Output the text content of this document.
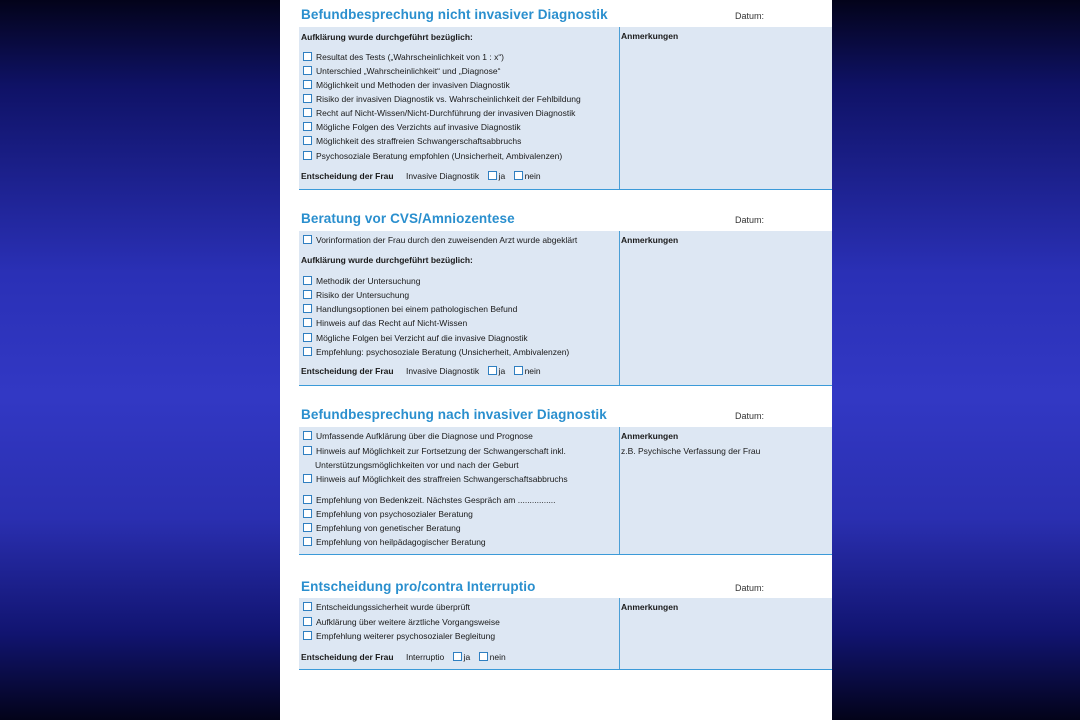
Befundbesprechung nicht invasiver Diagnostik	Datum:
Anmerkungen
Aufklärung wurde durchgeführt bezüglich:
Resultat des Tests („Wahrscheinlichkeit von 1 : x“)
Unterschied „Wahrscheinlichkeit“ und „Diagnose“
Möglichkeit und Methoden der invasiven Diagnostik
Risiko der invasiven Diagnostik vs. Wahrscheinlichkeit der Fehlbildung
Recht auf Nicht-Wissen/Nicht-Durchführung der invasiven Diagnostik
Mögliche Folgen des Verzichts auf invasive Diagnostik
Möglichkeit des straffreien Schwangerschaftsabbruchs
Psychosoziale Beratung empfohlen (Unsicherheit, Ambivalenzen)
Entscheidung der Frau Invasive Diagnostik ja nein
Beratung vor CVS/Amniozentese	Datum:
Anmerkungen
Vorinformation der Frau durch den zuweisenden Arzt wurde abgeklärt
Aufklärung wurde durchgeführt bezüglich:
Methodik der Untersuchung
Risiko der Untersuchung
Handlungsoptionen bei einem pathologischen Befund
Hinweis auf das Recht auf Nicht-Wissen
Mögliche Folgen bei Verzicht auf die invasive Diagnostik
Empfehlung: psychosoziale Beratung (Unsicherheit, Ambivalenzen)
Entscheidung der Frau Invasive Diagnostik ja nein
Befundbesprechung nach invasiver Diagnostik	Datum:
Anmerkungen
z.B. Psychische Verfassung der Frau
Umfassende Aufklärung über die Diagnose und Prognose
Hinweis auf Möglichkeit zur Fortsetzung der Schwangerschaft inkl.
Unterstützungsmöglichkeiten vor und nach der Geburt
Hinweis auf Möglichkeit des straffreien Schwangerschaftsabbruchs
Empfehlung von Bedenkzeit. Nächstes Gespräch am ................
Empfehlung von psychosozialer Beratung
Empfehlung von genetischer Beratung
Empfehlung von heilpädagogischer Beratung
Entscheidung pro/contra Interruptio	Datum:
Anmerkungen
Entscheidungssicherheit wurde überprüft
Aufklärung über weitere ärztliche Vorgangsweise
Empfehlung weiterer psychosozialer Begleitung
Entscheidung der Frau Interruptio ja nein
